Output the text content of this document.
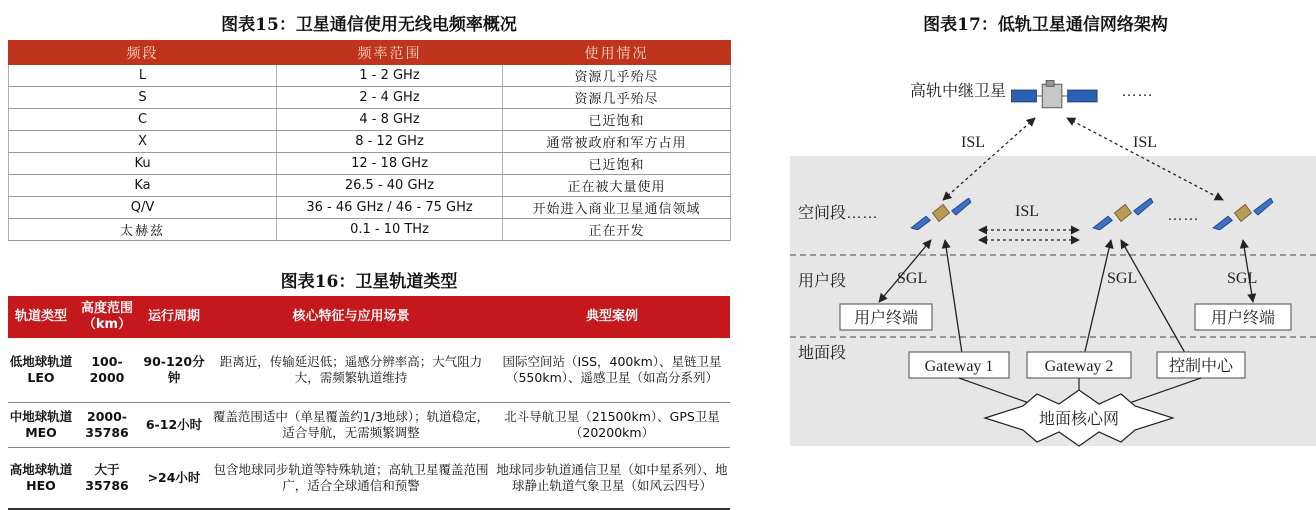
图表15：卫星通信使用无线电频率概况
频段	频率范围	使用情况
L	1 - 2 GHz	资源几乎殆尽
S	2 - 4 GHz	资源几乎殆尽
C	4 - 8 GHz	已近饱和
X	8 - 12 GHz	通常被政府和军方占用
Ku	12 - 18 GHz	已近饱和
Ka	26.5 - 40 GHz	正在被大量使用
Q/V	36 - 46 GHz / 46 - 75 GHz	开始进入商业卫星通信领域
太赫兹	0.1 - 10 THz	正在开发
图表16：卫星轨道类型
轨道类型	高度范围（km）	运行周期	核心特征与应用场景	典型案例
低地球轨道LEO	100-2000	90-120分钟	距离近，传输延迟低；遥感分辨率高；大气阻力大，需频繁轨道维持	国际空间站（ISS，400km）、星链卫星（550km）、遥感卫星（如高分系列）
中地球轨道MEO	2000-35786	6-12小时	覆盖范围适中（单星覆盖约1/3地球）；轨道稳定，适合导航，无需频繁调整	北斗导航卫星（21500km）、GPS卫星（20200km）
高地球轨道HEO	大于35786	>24小时	包含地球同步轨道等特殊轨道；高轨卫星覆盖范围广，适合全球通信和预警	地球同步轨道通信卫星（如中星系列）、地球静止轨道气象卫星（如风云四号）
图表17：低轨卫星通信网络架构
高轨中继卫星	……
ISL	ISL
空间段……
用户段
地面段
……
ISL
用户终端	用户终端
SGL	SGL	SGL
Gateway 1	Gateway 2	控制中心
地面核心网
